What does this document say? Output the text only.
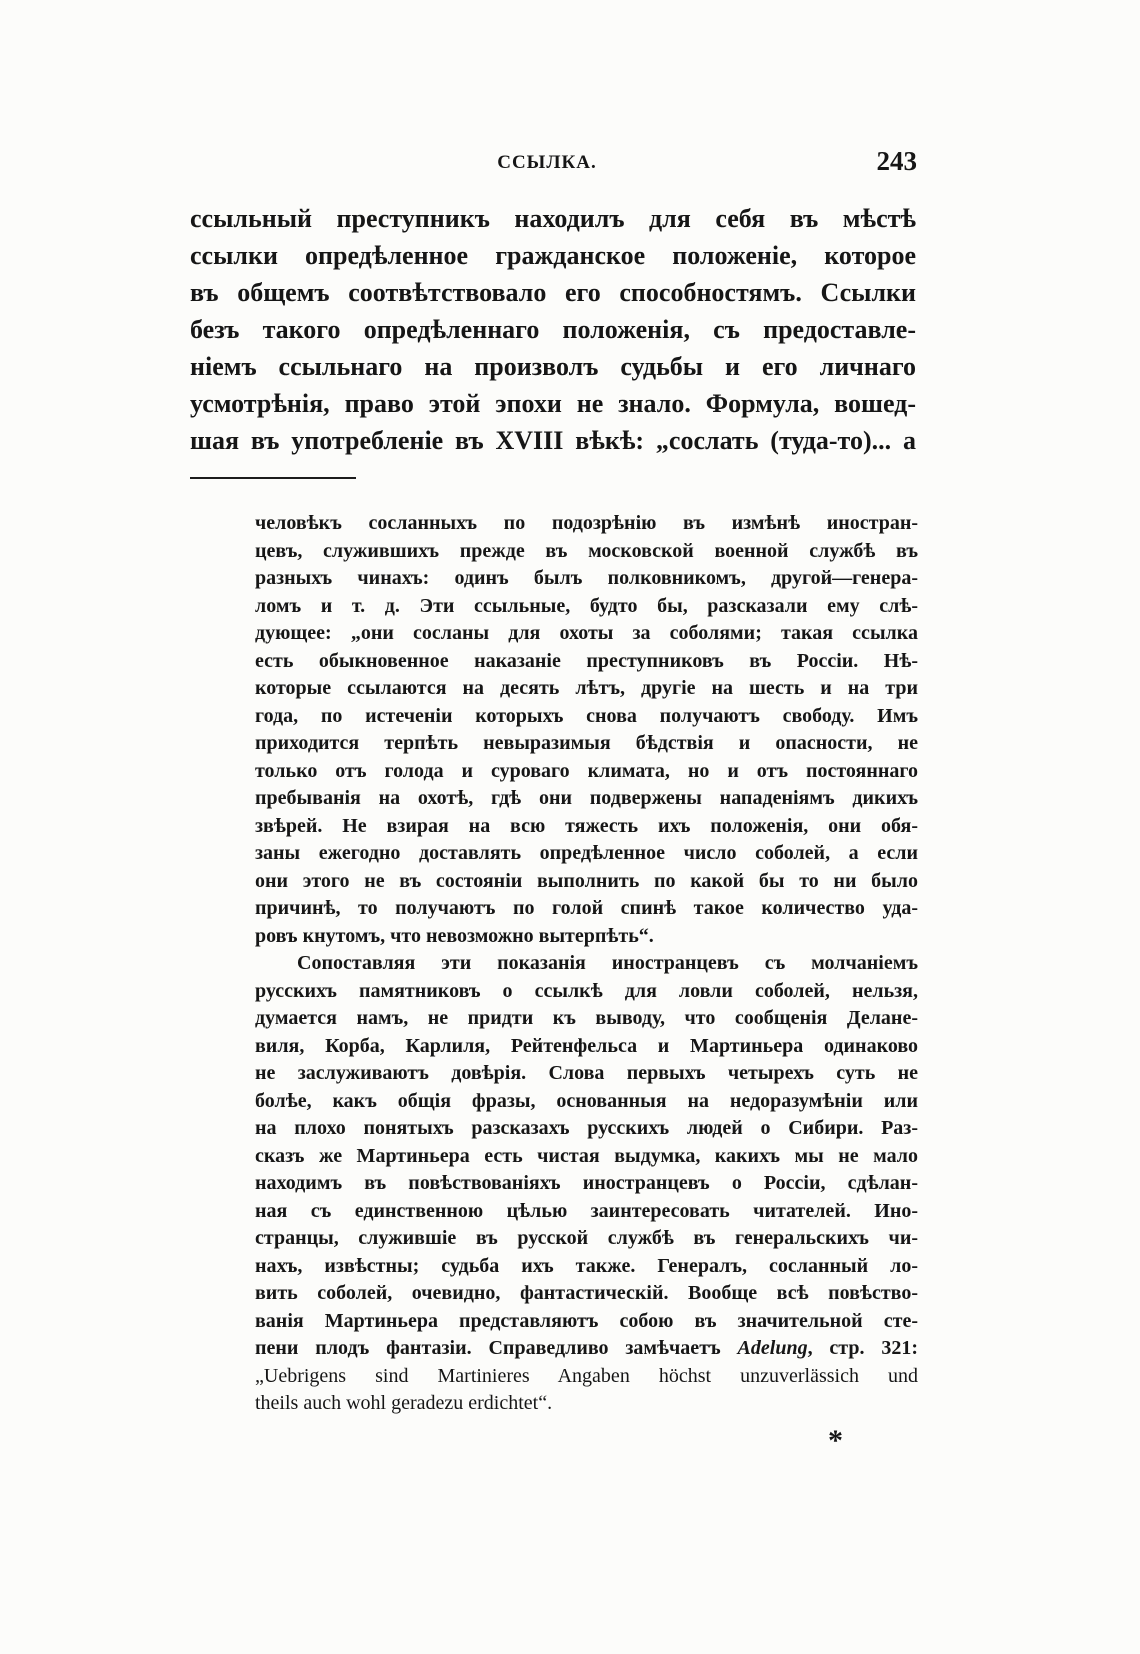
ССЫЛКА.	243
ссыльный преступникъ находилъ для себя въ мѣстѣ
ссылки опредѣленное гражданское положеніе, которое
въ общемъ соотвѣтствовало его способностямъ. Ссылки
безъ такого опредѣленнаго положенія, съ предоставле-
ніемъ ссыльнаго на произволъ судьбы и его личнаго
усмотрѣнія, право этой эпохи не знало. Формула, вошед-
шая въ употребленіе въ XVIII вѣкѣ: „сослать (туда-то)... а
человѣкъ сосланныхъ по подозрѣнію въ измѣнѣ иностран-
цевъ, служившихъ прежде въ московской военной службѣ въ
разныхъ чинахъ: одинъ былъ полковникомъ, другой—генера-
ломъ и т. д. Эти ссыльные, будто бы, разсказали ему слѣ-
дующее: „они сосланы для охоты за соболями; такая ссылка
есть обыкновенное наказаніе преступниковъ въ Россіи. Нѣ-
которые ссылаются на десять лѣтъ, другіе на шесть и на три
года, по истеченіи которыхъ снова получаютъ свободу. Имъ
приходится терпѣть невыразимыя бѣдствія и опасности, не
только отъ голода и суроваго климата, но и отъ постояннаго
пребыванія на охотѣ, гдѣ они подвержены нападеніямъ дикихъ
звѣрей. Не взирая на всю тяжесть ихъ положенія, они обя-
заны ежегодно доставлять опредѣленное число соболей, а если
они этого не въ состояніи выполнить по какой бы то ни было
причинѣ, то получаютъ по голой спинѣ такое количество уда-
ровъ кнутомъ, что невозможно вытерпѣть“.
Сопоставляя эти показанія иностранцевъ съ молчаніемъ
русскихъ памятниковъ о ссылкѣ для ловли соболей, нельзя,
думается намъ, не придти къ выводу, что сообщенія Делане-
виля, Корба, Карлиля, Рейтенфельса и Мартиньера одинаково
не заслуживаютъ довѣрія. Слова первыхъ четырехъ суть не
болѣе, какъ общія фразы, основанныя на недоразумѣніи или
на плохо понятыхъ разсказахъ русскихъ людей о Сибири. Раз-
сказъ же Мартиньера есть чистая выдумка, какихъ мы не мало
находимъ въ повѣствованіяхъ иностранцевъ о Россіи, сдѣлан-
ная съ единственною цѣлью заинтересовать читателей. Ино-
странцы, служившіе въ русской службѣ въ генеральскихъ чи-
нахъ, извѣстны; судьба ихъ также. Генералъ, сосланный ло-
вить соболей, очевидно, фантастическій. Вообще всѣ повѣство-
ванія Мартиньера представляютъ собою въ значительной сте-
пени плодъ фантазіи. Справедливо замѣчаетъ Adelung, стр. 321:
„Uebrigens sind Martinieres Angaben höchst unzuverlässich und
theils auch wohl geradezu erdichtet“.
*
